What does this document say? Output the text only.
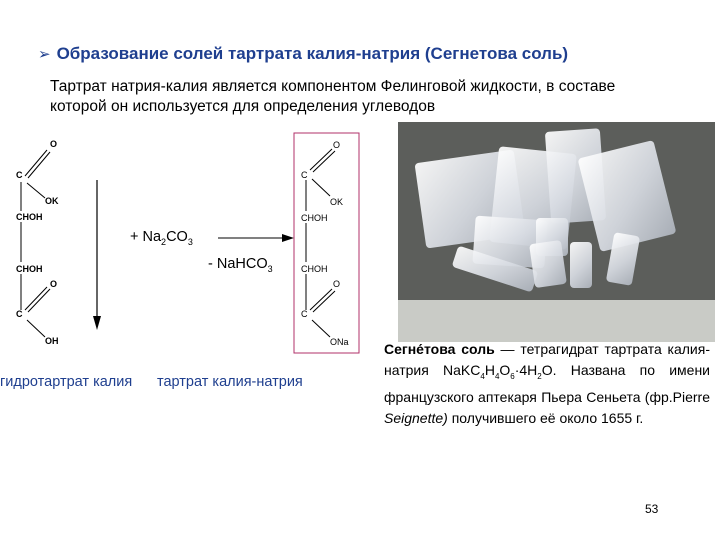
➢ Образование солей тартрата калия-натрия (Сегнетова соль)
Тартрат натрия-калия является компонентом Фелинговой жидкости, в составе которой он используется для определения углеводов
O
C
OK
CHOH
CHOH
O
C
OH
+ $Na_2CO_3$
- NaHCO$_3$
O
C
OK
CHOH
CHOH
O
C
ONa
гидротартрат калия тартрат калия-натрия
Сегне́това соль — тетрагидрат тартрата калия-натрия $NaKC_4H_4O_6\cdot 4H_2O$. Названа по имени французского аптекаря Пьера Сеньета (фр.Pierre Seignette) получившего её около 1655 г.
53
